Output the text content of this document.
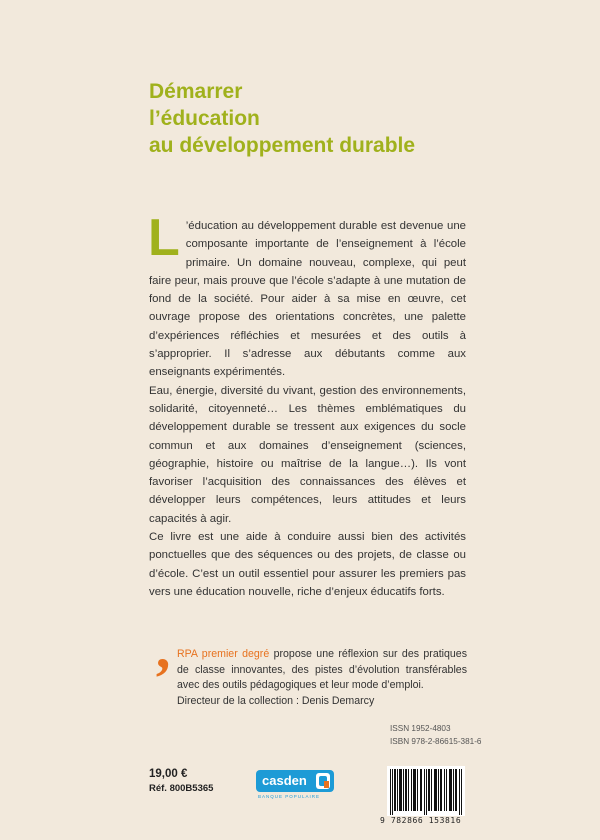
Démarrer
l’éducation
au développement durable

L ’éducation au développement durable est devenue une composante importante de l’enseignement à l’école primaire. Un domaine nouveau, complexe, qui peut faire peur, mais prouve que l’école s’adapte à une mutation de fond de la société. Pour aider à sa mise en œuvre, cet ouvrage propose des orientations concrètes, une palette d’expériences réfléchies et mesurées et des outils à s’approprier. Il s’adresse aux débutants comme aux enseignants expérimentés.

Eau, énergie, diversité du vivant, gestion des environnements, solidarité, citoyenneté… Les thèmes emblématiques du développement durable se tressent aux exigences du socle commun et aux domaines d’enseignement (sciences, géographie, histoire ou maîtrise de la langue…). Ils vont favoriser l’acquisition des connaissances des élèves et développer leurs compétences, leurs attitudes et leurs capacités à agir.

Ce livre est une aide à conduire aussi bien des activités ponctuelles que des séquences ou des projets, de classe ou d’école. C’est un outil essentiel pour assurer les premiers pas vers une éducation nouvelle, riche d’enjeux éducatifs forts.

’ RPA premier degré propose une réflexion sur des pratiques de classe innovantes, des pistes d’évolution transférables avec des outils pédagogiques et leur mode d’emploi.

Directeur de la collection : Denis Demarcy

ISSN 1952-4803
ISBN 978-2-86615-381-6
19,00 €
Réf. 800B5365
casden
BANQUE POPULAIRE
9 782866 153816
